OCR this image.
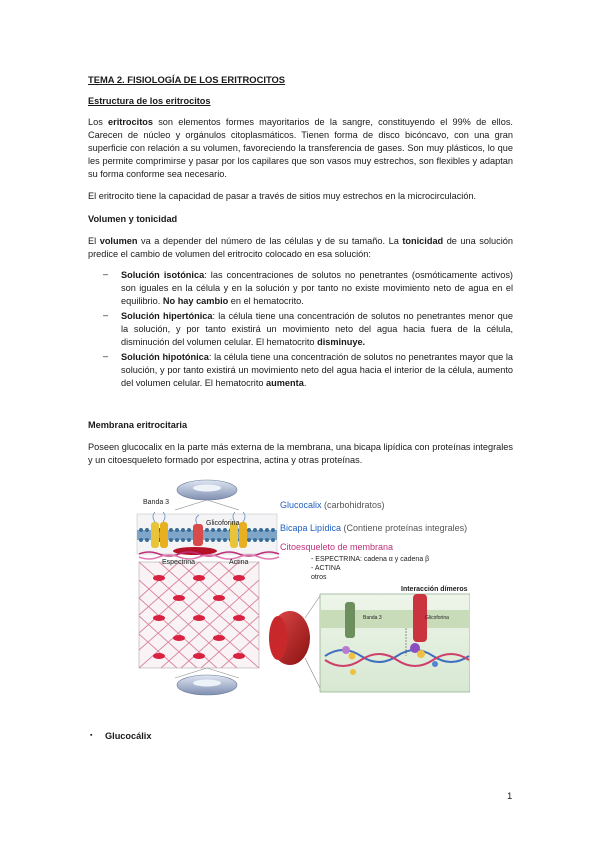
TEMA 2. FISIOLOGÍA DE LOS ERITROCITOS
Estructura de los eritrocitos
Los eritrocitos son elementos formes mayoritarios de la sangre, constituyendo el 99% de ellos. Carecen de núcleo y orgánulos citoplasmáticos. Tienen forma de disco bicóncavo, con una gran superficie con relación a su volumen, favoreciendo la transferencia de gases. Son muy plásticos, lo que les permite comprimirse y pasar por los capilares que son vasos muy estrechos, son flexibles y adaptan su forma conforme sea necesario.
El eritrocito tiene la capacidad de pasar a través de sitios muy estrechos en la microcirculación.
Volumen y tonicidad
El volumen va a depender del número de las células y de su tamaño. La tonicidad de una solución predice el cambio de volumen del eritrocito colocado en esa solución:
– Solución isotónica: las concentraciones de solutos no penetrantes (osmóticamente activos) son iguales en la célula y en la solución y por tanto no existe movimiento neto de agua en el equilibrio. No hay cambio en el hematocrito.
– Solución hipertónica: la célula tiene una concentración de solutos no penetrantes menor que la solución, y por tanto existirá un movimiento neto del agua hacia fuera de la célula, disminución del volumen celular. El hematocrito disminuye.
– Solución hipotónica: la célula tiene una concentración de solutos no penetrantes mayor que la solución, y por tanto existirá un movimiento neto del agua hacia el interior de la célula, aumento del volumen celular. El hematocrito aumenta.
Membrana eritrocitaria
Poseen glucocalix en la parte más externa de la membrana, una bicapa lipídica con proteínas integrales y un citoesqueleto formado por espectrina, actina y otras proteínas.
Banda 3
Glicoforina
Espectrina	Actina
Glucocalix (carbohidratos)
Bicapa Lipídica (Contiene proteínas integrales)
Citoesqueleto de membrana
- ESPECTRINA: cadena α y cadena β
- ACTINA
otros
Interacción dímeros
Banda 3	Glicoforina
▪ Glucocálix
1
